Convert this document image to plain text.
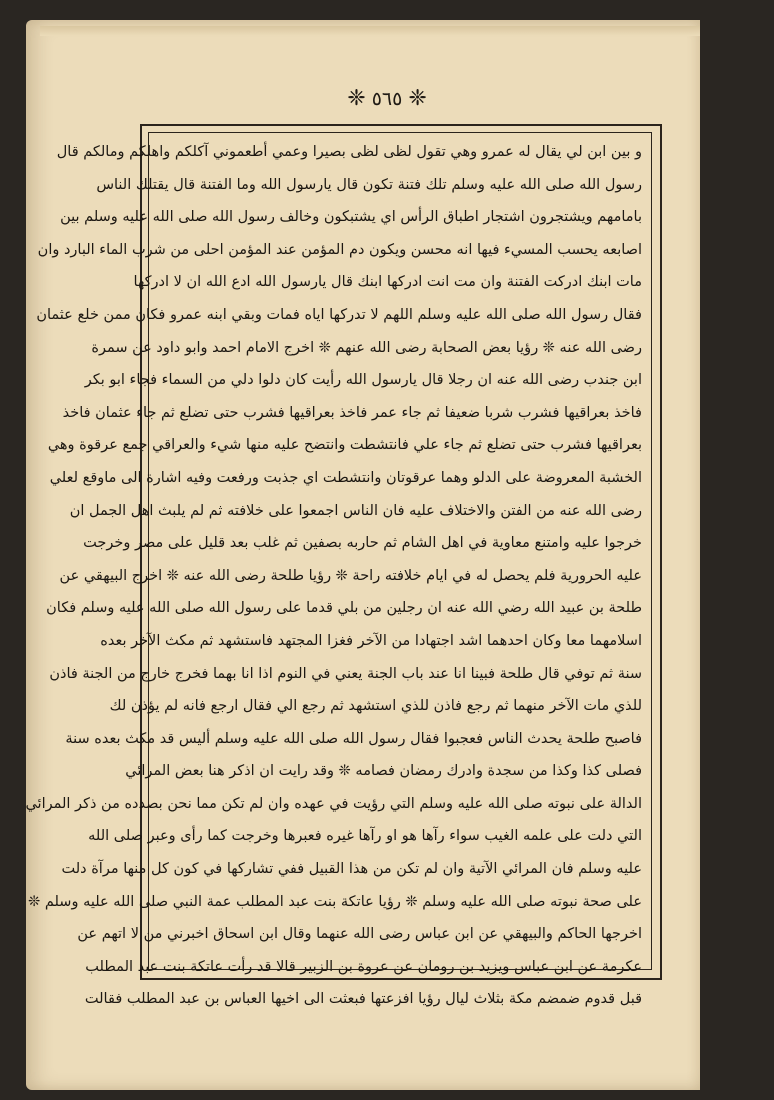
❈ ٥٦٥ ❈
و بين ابن لي يقال له عمرو وهي تقول لظى لظى بصيرا وعمي أطعموني آكلكم واهلكم ومالكم قال
رسول الله صلى الله عليه وسلم تلك فتنة تكون قال يارسول الله وما الفتنة قال يقتلك الناس
بامامهم ويشتجرون اشتجار اطباق الرأس اي يشتبكون وخالف رسول الله صلى الله عليه وسلم بين
اصابعه يحسب المسيء فيها انه محسن ويكون دم المؤمن عند المؤمن احلى من شرب الماء البارد وان
مات ابنك ادركت الفتنة وان مت انت ادركها ابنك قال يارسول الله ادع الله ان لا ادركها
فقال رسول الله صلى الله عليه وسلم اللهم لا تدركها اياه فمات وبقي ابنه عمرو فكان ممن خلع عثمان
رضى الله عنه ❊ رؤيا بعض الصحابة رضى الله عنهم ❊ اخرج الامام احمد وابو داود عن سمرة
ابن جندب رضى الله عنه ان رجلا قال يارسول الله رأيت كان دلوا دلي من السماء فجاء ابو بكر
فاخذ بعراقيها فشرب شربا ضعيفا ثم جاء عمر فاخذ بعراقيها فشرب حتى تضلع ثم جاء عثمان فاخذ
بعراقيها فشرب حتى تضلع ثم جاء علي فانتشطت وانتضح عليه منها شيء والعراقي جمع عرقوة وهي
الخشبة المعروضة على الدلو وهما عرقوتان وانتشطت اي جذبت ورفعت وفيه اشارة الى ماوقع لعلي
رضى الله عنه من الفتن والاختلاف عليه فان الناس اجمعوا على خلافته ثم لم يلبث اهل الجمل ان
خرجوا عليه وامتنع معاوية في اهل الشام ثم حاربه بصفين ثم غلب بعد قليل على مصر وخرجت
عليه الحرورية فلم يحصل له في ايام خلافته راحة ❊ رؤيا طلحة رضى الله عنه ❊ اخرج البيهقي عن
طلحة بن عبيد الله رضي الله عنه ان رجلين من بلي قدما على رسول الله صلى الله عليه وسلم فكان
اسلامهما معا وكان احدهما اشد اجتهادا من الآخر فغزا المجتهد فاستشهد ثم مكث الآخر بعده
سنة ثم توفي قال طلحة فبينا انا عند باب الجنة يعني في النوم اذا انا بهما فخرج خارج من الجنة فاذن
للذي مات الآخر منهما ثم رجع فاذن للذي استشهد ثم رجع الي فقال ارجع فانه لم يؤذن لك
فاصبح طلحة يحدث الناس فعجبوا فقال رسول الله صلى الله عليه وسلم أليس قد مكث بعده سنة
فصلى كذا وكذا من سجدة وادرك رمضان فصامه ❊ وقد رايت ان اذكر هنا بعض المرائي
الدالة على نبوته صلى الله عليه وسلم التي رؤيت في عهده وان لم تكن مما نحن بصدده من ذكر المرائي
التي دلت على علمه الغيب سواء رآها هو او رآها غيره فعبرها وخرجت كما رأى وعبر صلى الله
عليه وسلم فان المرائي الآتية وان لم تكن من هذا القبيل ففي تشاركها في كون كل منها مرآة دلت
على صحة نبوته صلى الله عليه وسلم ❊ رؤيا عاتكة بنت عبد المطلب عمة النبي صلى الله عليه وسلم ❊
اخرجها الحاكم والبيهقي عن ابن عباس رضى الله عنهما وقال ابن اسحاق اخبرني من لا اتهم عن
عكرمة عن ابن عباس ويزيد بن رومان عن عروة بن الزبير قالا قد رأت عاتكة بنت عبد المطلب
قبل قدوم ضمضم مكة بثلاث ليال رؤيا افزعتها فبعثت الى اخيها العباس بن عبد المطلب فقالت
